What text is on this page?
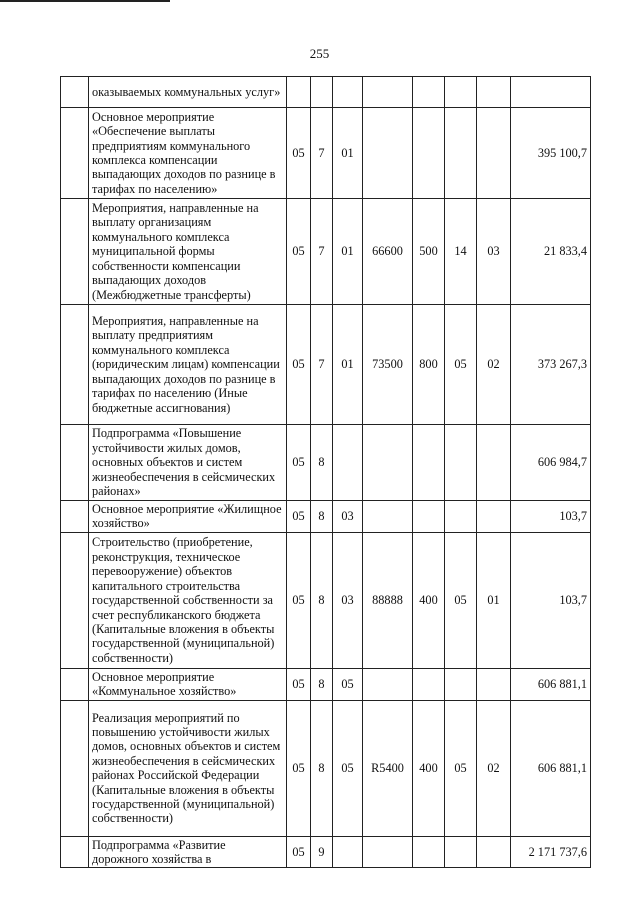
255
	оказываемых коммунальных услуг»								
	Основное мероприятие «Обеспечение выплаты предприятиям коммунального комплекса компенсации выпадающих доходов по разнице в тарифах по населению»	05	7	01					395 100,7
	Мероприятия, направленные на выплату организациям коммунального комплекса муниципальной формы собственности компенсации выпадающих доходов (Межбюджетные трансферты)	05	7	01	66600	500	14	03	21 833,4
	Мероприятия, направленные на выплату предприятиям коммунального комплекса (юридическим лицам) компенсации выпадающих доходов по разнице в тарифах по населению (Иные бюджетные ассигнования)	05	7	01	73500	800	05	02	373 267,3
	Подпрограмма «Повышение устойчивости жилых домов, основных объектов и систем жизнеобеспечения в сейсмических районах»	05	8						606 984,7
	Основное мероприятие «Жилищное хозяйство»	05	8	03					103,7
	Строительство (приобретение, реконструкция, техническое перевооружение) объектов капитального строительства государственной собственности за счет республиканского бюджета (Капитальные вложения в объекты государственной (муниципальной) собственности)	05	8	03	88888	400	05	01	103,7
	Основное мероприятие «Коммунальное хозяйство»	05	8	05					606 881,1
	Реализация мероприятий по повышению устойчивости жилых домов, основных объектов и систем жизнеобеспечения в сейсмических районах Российской Федерации (Капитальные вложения в объекты государственной (муниципальной) собственности)	05	8	05	R5400	400	05	02	606 881,1
	Подпрограмма «Развитие дорожного хозяйства в	05	9						2 171 737,6
